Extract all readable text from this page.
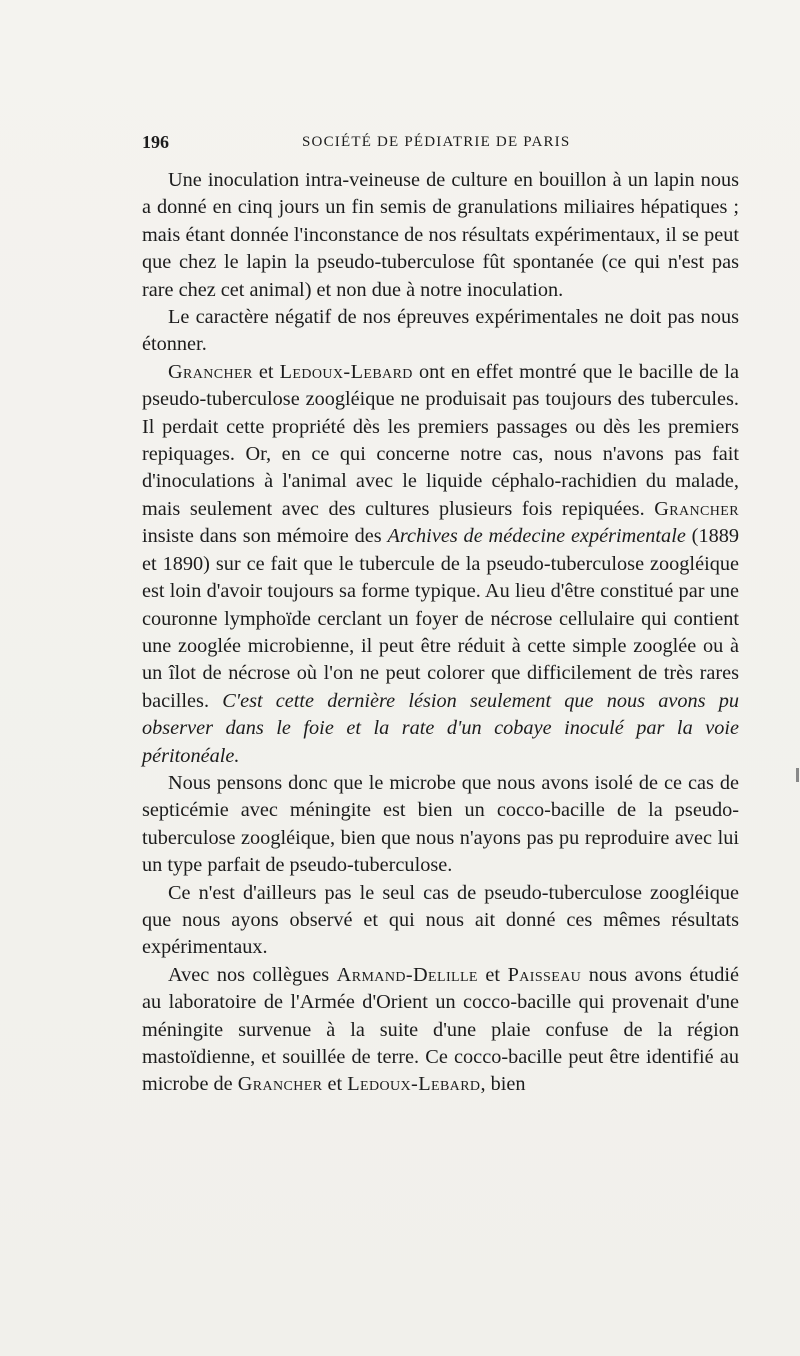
196	SOCIÉTÉ DE PÉDIATRIE DE PARIS

Une inoculation intra-veineuse de culture en bouillon à un lapin nous a donné en cinq jours un fin semis de granulations miliaires hépatiques ; mais étant donnée l'inconstance de nos résultats expérimentaux, il se peut que chez le lapin la pseudo-tuberculose fût spontanée (ce qui n'est pas rare chez cet animal) et non due à notre inoculation.

Le caractère négatif de nos épreuves expérimentales ne doit pas nous étonner.

Grancher et Ledoux-Lebard ont en effet montré que le bacille de la pseudo-tuberculose zoogléique ne produisait pas toujours des tubercules. Il perdait cette propriété dès les premiers passages ou dès les premiers repiquages. Or, en ce qui concerne notre cas, nous n'avons pas fait d'inoculations à l'animal avec le liquide céphalo-rachidien du malade, mais seulement avec des cultures plusieurs fois repiquées. Grancher insiste dans son mémoire des Archives de médecine expérimentale (1889 et 1890) sur ce fait que le tubercule de la pseudo-tuberculose zoogléique est loin d'avoir toujours sa forme typique. Au lieu d'être constitué par une couronne lymphoïde cerclant un foyer de nécrose cellulaire qui contient une zooglée microbienne, il peut être réduit à cette simple zooglée ou à un îlot de nécrose où l'on ne peut colorer que difficilement de très rares bacilles. C'est cette dernière lésion seulement que nous avons pu observer dans le foie et la rate d'un cobaye inoculé par la voie péritonéale.

Nous pensons donc que le microbe que nous avons isolé de ce cas de septicémie avec méningite est bien un cocco-bacille de la pseudo-tuberculose zoogléique, bien que nous n'ayons pas pu reproduire avec lui un type parfait de pseudo-tuberculose.

Ce n'est d'ailleurs pas le seul cas de pseudo-tuberculose zoogléique que nous ayons observé et qui nous ait donné ces mêmes résultats expérimentaux.

Avec nos collègues Armand-Delille et Paisseau nous avons étudié au laboratoire de l'Armée d'Orient un cocco-bacille qui provenait d'une méningite survenue à la suite d'une plaie confuse de la région mastoïdienne, et souillée de terre. Ce cocco-bacille peut être identifié au microbe de Grancher et Ledoux-Lebard, bien
